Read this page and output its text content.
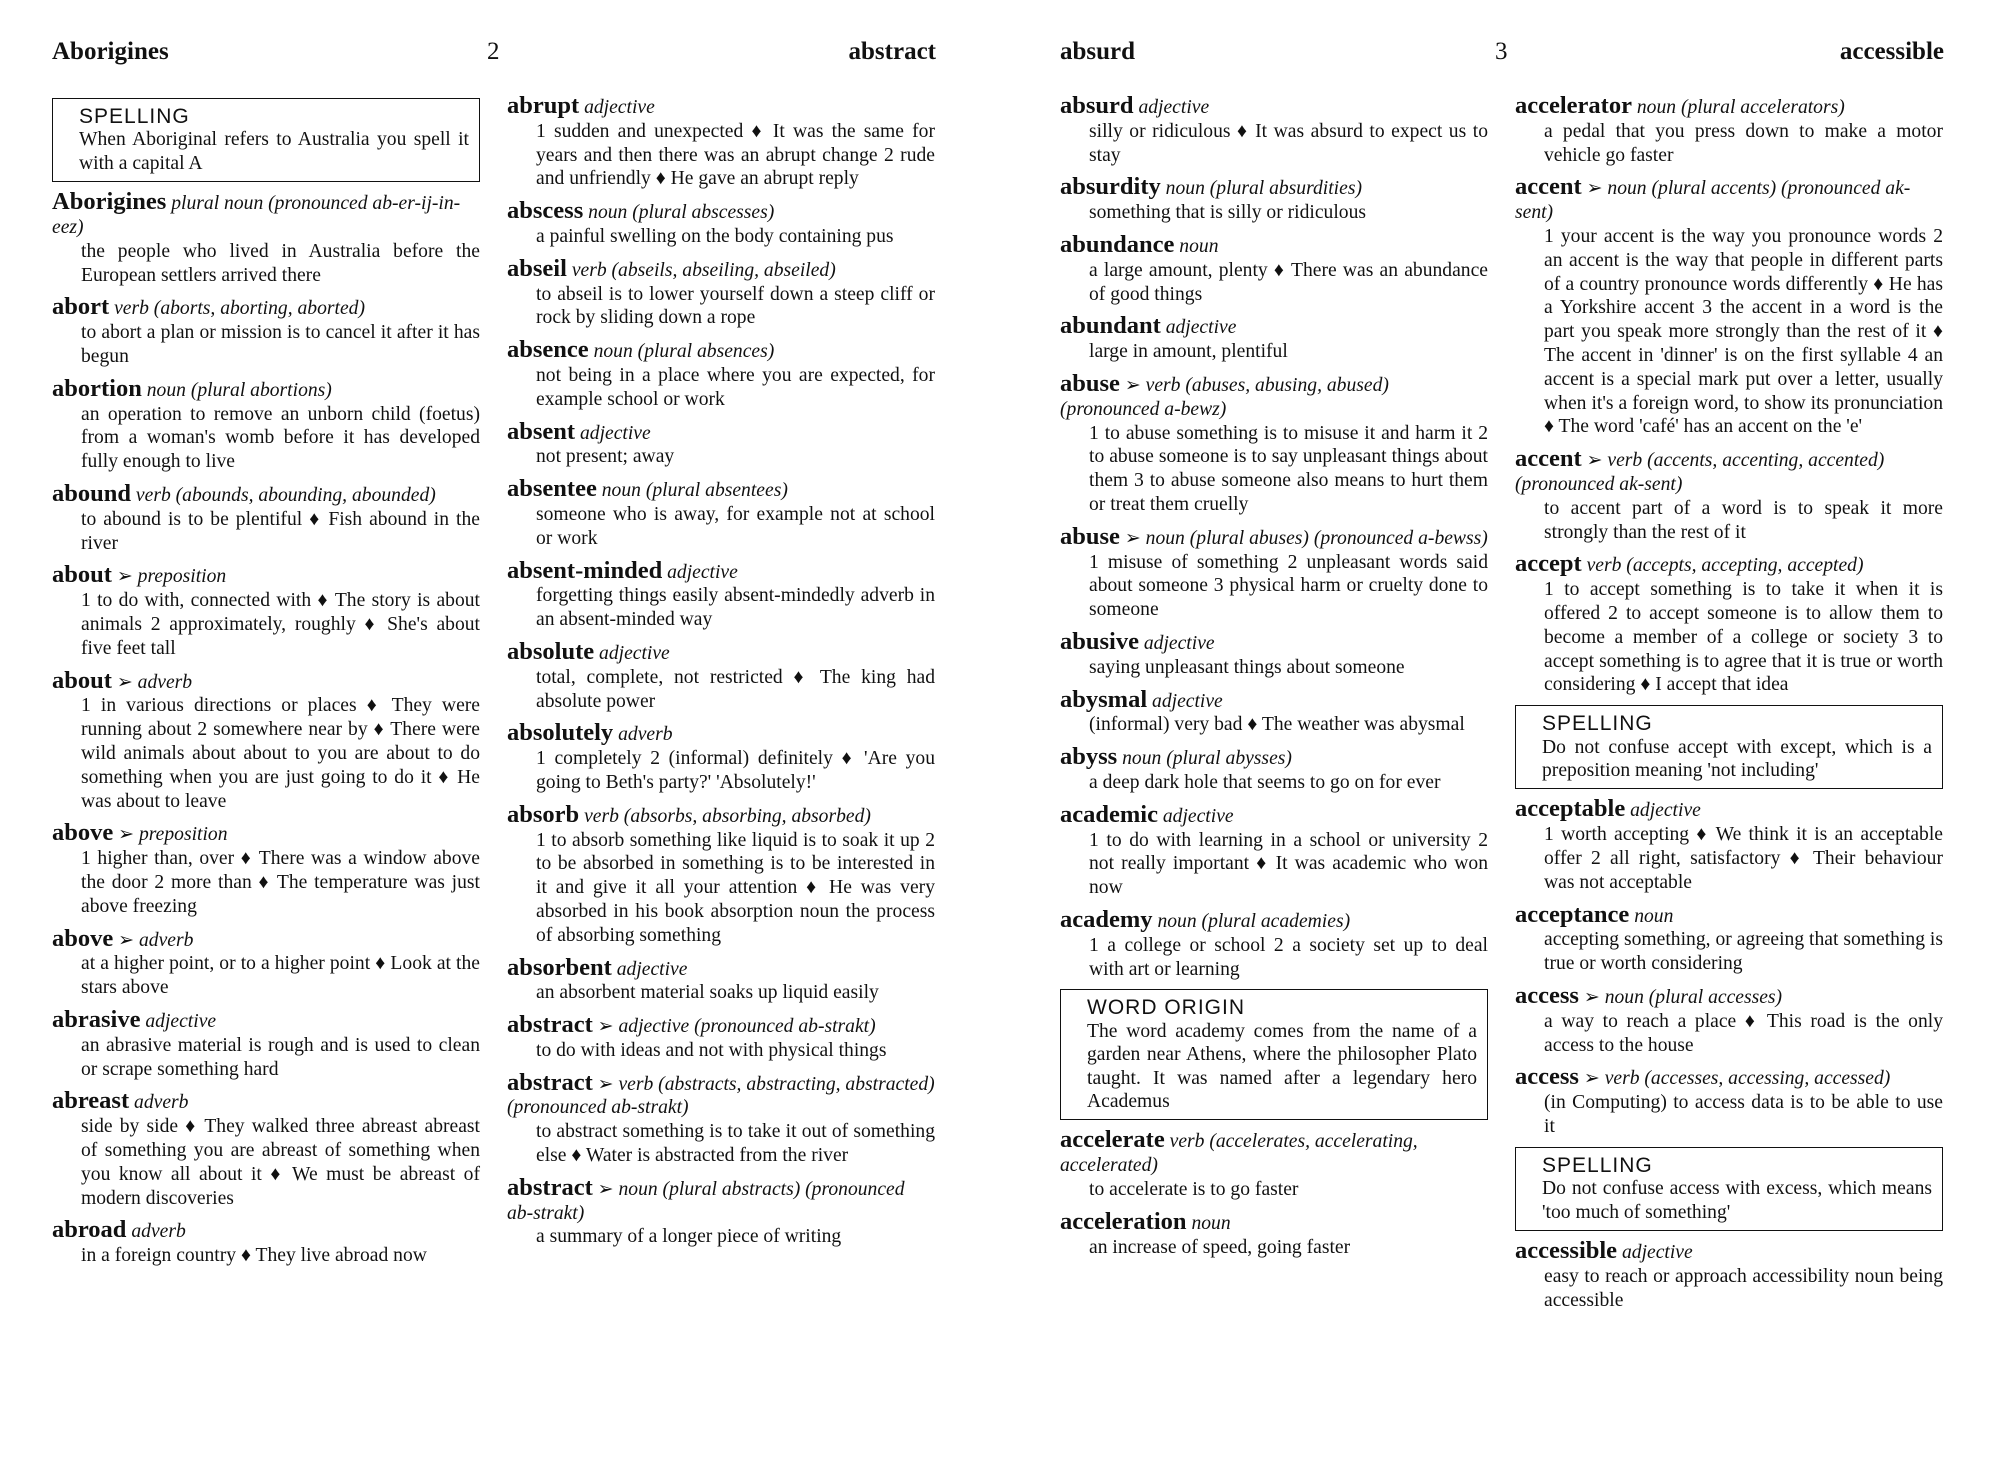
Aborigines	2	abstract
SPELLING
When Aboriginal refers to Australia you spell it with a capital A
Aborigines plural noun (pronounced ab-er-ij-in-eez)
the people who lived in Australia before the European settlers arrived there
abort verb (aborts, aborting, aborted)
to abort a plan or mission is to cancel it after it has begun
abortion noun (plural abortions)
an operation to remove an unborn child (foetus) from a woman's womb before it has developed fully enough to live
abound verb (abounds, abounding, abounded)
to abound is to be plentiful ♦ Fish abound in the river
about ➢ preposition
1 to do with, connected with ♦ The story is about animals 2 approximately, roughly ♦ She's about five feet tall
about ➢ adverb
1 in various directions or places ♦ They were running about 2 somewhere near by ♦ There were wild animals about about to you are about to do something when you are just going to do it ♦ He was about to leave
above ➢ preposition
1 higher than, over ♦ There was a window above the door 2 more than ♦ The temperature was just above freezing
above ➢ adverb
at a higher point, or to a higher point ♦ Look at the stars above
abrasive adjective
an abrasive material is rough and is used to clean or scrape something hard
abreast adverb
side by side ♦ They walked three abreast abreast of something you are abreast of something when you know all about it ♦ We must be abreast of modern discoveries
abroad adverb
in a foreign country ♦ They live abroad now
abrupt adjective
1 sudden and unexpected ♦ It was the same for years and then there was an abrupt change 2 rude and unfriendly ♦ He gave an abrupt reply
abscess noun (plural abscesses)
a painful swelling on the body containing pus
abseil verb (abseils, abseiling, abseiled)
to abseil is to lower yourself down a steep cliff or rock by sliding down a rope
absence noun (plural absences)
not being in a place where you are expected, for example school or work
absent adjective
not present; away
absentee noun (plural absentees)
someone who is away, for example not at school or work
absent-minded adjective
forgetting things easily absent-mindedly adverb in an absent-minded way
absolute adjective
total, complete, not restricted ♦ The king had absolute power
absolutely adverb
1 completely 2 (informal) definitely ♦ 'Are you going to Beth's party?' 'Absolutely!'
absorb verb (absorbs, absorbing, absorbed)
1 to absorb something like liquid is to soak it up 2 to be absorbed in something is to be interested in it and give it all your attention ♦ He was very absorbed in his book absorption noun the process of absorbing something
absorbent adjective
an absorbent material soaks up liquid easily
abstract ➢ adjective (pronounced ab-strakt)
to do with ideas and not with physical things
abstract ➢ verb (abstracts, abstracting, abstracted) (pronounced ab-strakt)
to abstract something is to take it out of something else ♦ Water is abstracted from the river
abstract ➢ noun (plural abstracts) (pronounced ab-strakt)
a summary of a longer piece of writing
absurd	3	accessible
absurd adjective
silly or ridiculous ♦ It was absurd to expect us to stay
absurdity noun (plural absurdities)
something that is silly or ridiculous
abundance noun
a large amount, plenty ♦ There was an abundance of good things
abundant adjective
large in amount, plentiful
abuse ➢ verb (abuses, abusing, abused) (pronounced a-bewz)
1 to abuse something is to misuse it and harm it 2 to abuse someone is to say unpleasant things about them 3 to abuse someone also means to hurt them or treat them cruelly
abuse ➢ noun (plural abuses) (pronounced a-bewss)
1 misuse of something 2 unpleasant words said about someone 3 physical harm or cruelty done to someone
abusive adjective
saying unpleasant things about someone
abysmal adjective
(informal) very bad ♦ The weather was abysmal
abyss noun (plural abysses)
a deep dark hole that seems to go on for ever
academic adjective
1 to do with learning in a school or university 2 not really important ♦ It was academic who won now
academy noun (plural academies)
1 a college or school 2 a society set up to deal with art or learning
WORD ORIGIN
The word academy comes from the name of a garden near Athens, where the philosopher Plato taught. It was named after a legendary hero Academus
accelerate verb (accelerates, accelerating, accelerated)
to accelerate is to go faster
acceleration noun
an increase of speed, going faster
accelerator noun (plural accelerators)
a pedal that you press down to make a motor vehicle go faster
accent ➢ noun (plural accents) (pronounced ak-sent)
1 your accent is the way you pronounce words 2 an accent is the way that people in different parts of a country pronounce words differently ♦ He has a Yorkshire accent 3 the accent in a word is the part you speak more strongly than the rest of it ♦ The accent in 'dinner' is on the first syllable 4 an accent is a special mark put over a letter, usually when it's a foreign word, to show its pronunciation ♦ The word 'café' has an accent on the 'e'
accent ➢ verb (accents, accenting, accented) (pronounced ak-sent)
to accent part of a word is to speak it more strongly than the rest of it
accept verb (accepts, accepting, accepted)
1 to accept something is to take it when it is offered 2 to accept someone is to allow them to become a member of a college or society 3 to accept something is to agree that it is true or worth considering ♦ I accept that idea
SPELLING
Do not confuse accept with except, which is a preposition meaning 'not including'
acceptable adjective
1 worth accepting ♦ We think it is an acceptable offer 2 all right, satisfactory ♦ Their behaviour was not acceptable
acceptance noun
accepting something, or agreeing that something is true or worth considering
access ➢ noun (plural accesses)
a way to reach a place ♦ This road is the only access to the house
access ➢ verb (accesses, accessing, accessed)
(in Computing) to access data is to be able to use it
SPELLING
Do not confuse access with excess, which means 'too much of something'
accessible adjective
easy to reach or approach accessibility noun being accessible
